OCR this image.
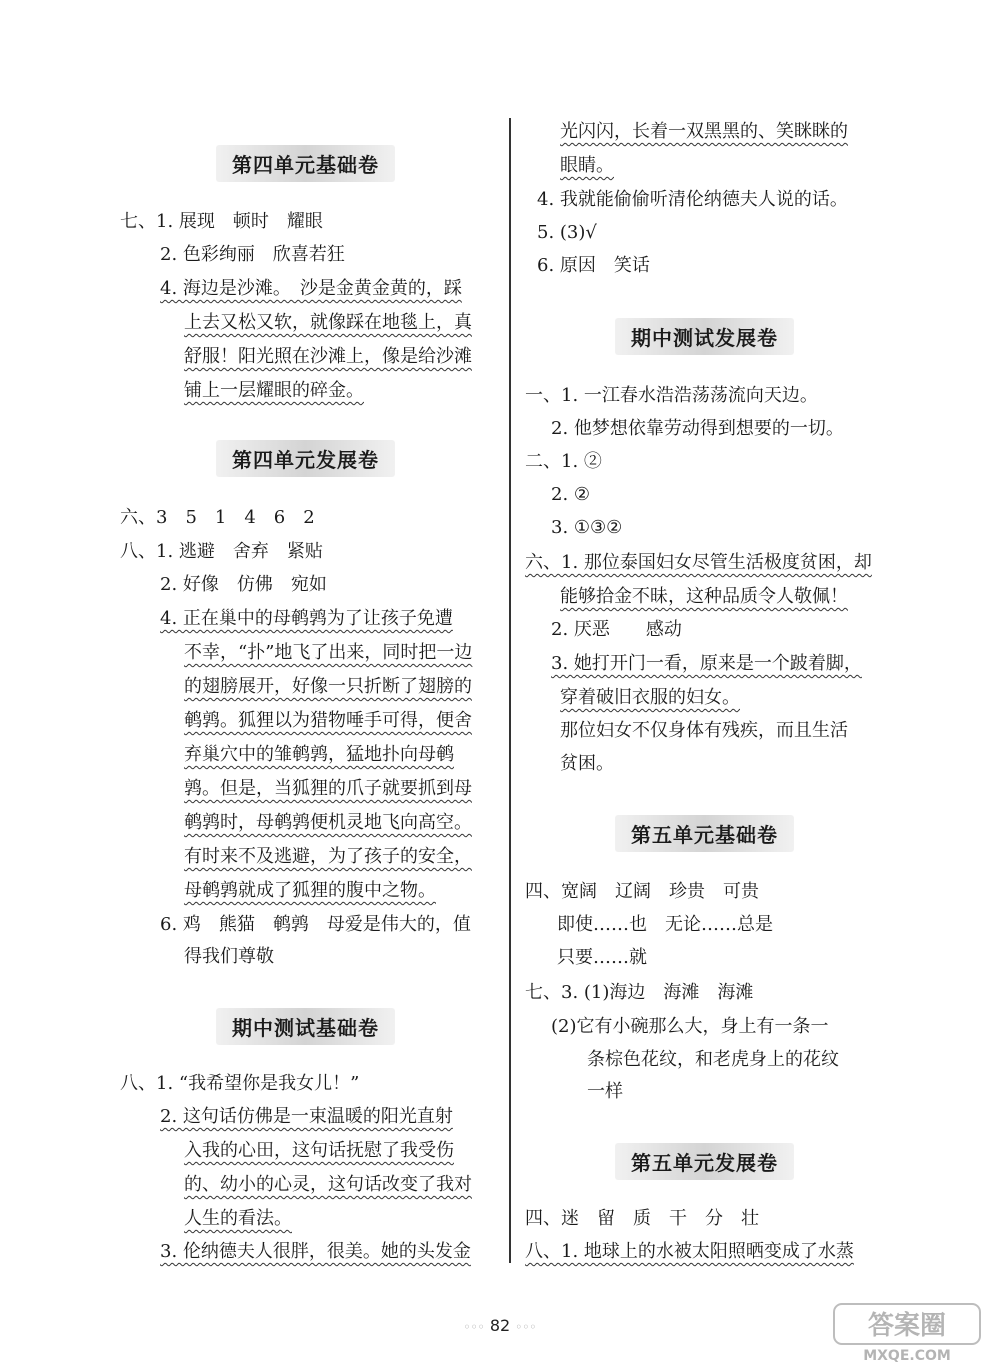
第四单元基础卷
七、1. 展现　顿时　耀眼
2. 色彩绚丽　欣喜若狂
4. 海边是沙滩。　沙是金黄金黄的，踩
上去又松又软，就像踩在地毯上，真
舒服！阳光照在沙滩上，像是给沙滩
铺上一层耀眼的碎金。
第四单元发展卷
六、3　5　1　4　6　2
八、1. 逃避　舍弃　紧贴
2. 好像　仿佛　宛如
4. 正在巢中的母鹌鹑为了让孩子免遭
不幸，“扑”地飞了出来，同时把一边
的翅膀展开，好像一只折断了翅膀的
鹌鹑。狐狸以为猎物唾手可得，便舍
弃巢穴中的雏鹌鹑，猛地扑向母鹌
鹑。但是，当狐狸的爪子就要抓到母
鹌鹑时，母鹌鹑便机灵地飞向高空。
有时来不及逃避，为了孩子的安全，
母鹌鹑就成了狐狸的腹中之物。
6. 鸡　熊猫　鹌鹑　母爱是伟大的，值
得我们尊敬
期中测试基础卷
八、1. “我希望你是我女儿！”
2. 这句话仿佛是一束温暖的阳光直射
入我的心田，这句话抚慰了我受伤
的、幼小的心灵，这句话改变了我对
人生的看法。
3. 伦纳德夫人很胖，很美。她的头发金
光闪闪，长着一双黑黑的、笑眯眯的
眼睛。
4. 我就能偷偷听清伦纳德夫人说的话。
5. (3)√
6. 原因　笑话
期中测试发展卷
一、1. 一江春水浩浩荡荡流向天边。
2. 他梦想依靠劳动得到想要的一切。
二、1. ②
2. ②
3. ①③②
六、1. 那位泰国妇女尽管生活极度贫困，却
能够拾金不昧，这种品质令人敬佩！
2. 厌恶　　感动
3. 她打开门一看，原来是一个跛着脚，
穿着破旧衣服的妇女。
那位妇女不仅身体有残疾，而且生活
贫困。
第五单元基础卷
四、宽阔　辽阔　珍贵　可贵
即使……也　无论……总是
只要……就
七、3. (1)海边　海滩　海滩
(2)它有小碗那么大，身上有一条一
条棕色花纹，和老虎身上的花纹
一样
第五单元发展卷
四、迷　留　质　干　分　壮
八、1. 地球上的水被太阳照晒变成了水蒸
◦◦◦ 82 ◦◦◦	答案圈
MXQE.COM
